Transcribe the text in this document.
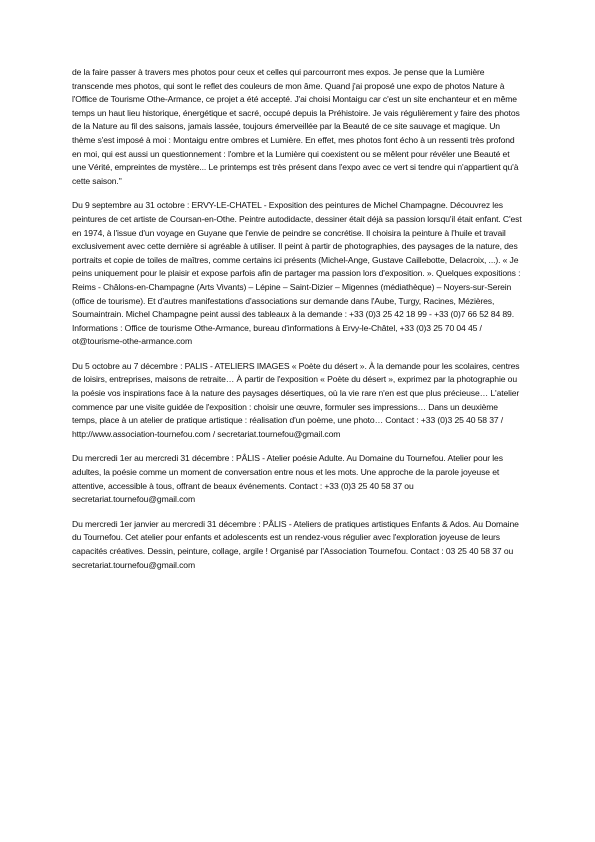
de la faire passer à travers mes photos pour ceux et celles qui parcourront mes expos. Je pense que la Lumière transcende mes photos, qui sont le reflet des couleurs de mon âme. Quand j'ai proposé une expo de photos Nature à l'Office de Tourisme Othe-Armance, ce projet a été accepté. J'ai choisi Montaigu car c'est un site enchanteur et en même temps un haut lieu historique, énergétique et sacré, occupé depuis la Préhistoire. Je vais régulièrement y faire des photos de la Nature au fil des saisons, jamais lassée, toujours émerveillée par la Beauté de ce site sauvage et magique. Un thème s'est imposé à moi : Montaigu entre ombres et Lumière. En effet, mes photos font écho à un ressenti très profond en moi, qui est aussi un questionnement : l'ombre et la Lumière qui coexistent ou se mêlent pour révéler une Beauté et une Vérité, empreintes de mystère... Le printemps est très présent dans l'expo avec ce vert si tendre qui n'appartient qu'à cette saison."

Du 9 septembre au 31 octobre : ERVY-LE-CHATEL - Exposition des peintures de Michel Champagne. Découvrez les peintures de cet artiste de Coursan-en-Othe. Peintre autodidacte, dessiner était déjà sa passion lorsqu'il était enfant. C'est en 1974, à l'issue d'un voyage en Guyane que l'envie de peindre se concrétise. Il choisira la peinture à l'huile et travail exclusivement avec cette dernière si agréable à utiliser. Il peint à partir de photographies, des paysages de la nature, des portraits et copie de toiles de maîtres, comme certains ici présents (Michel-Ange, Gustave Caillebotte, Delacroix, ...). « Je peins uniquement pour le plaisir et expose parfois afin de partager ma passion lors d'exposition. ». Quelques expositions : Reims - Châlons-en-Champagne (Arts Vivants) – Lépine – Saint-Dizier – Migennes (médiathèque) – Noyers-sur-Serein (office de tourisme). Et d'autres manifestations d'associations sur demande dans l'Aube, Turgy, Racines, Mézières, Soumaintrain. Michel Champagne peint aussi des tableaux à la demande : +33 (0)3 25 42 18 99 - +33 (0)7 66 52 84 89. Informations : Office de tourisme Othe-Armance, bureau d'informations à Ervy-le-Châtel, +33 (0)3 25 70 04 45 / ot@tourisme-othe-armance.com

Du 5 octobre au 7 décembre : PALIS - ATELIERS IMAGES « Poète du désert ». À la demande pour les scolaires, centres de loisirs, entreprises, maisons de retraite… À partir de l'exposition « Poète du désert », exprimez par la photographie ou la poésie vos inspirations face à la nature des paysages désertiques, où la vie rare n'en est que plus précieuse… L'atelier commence par une visite guidée de l'exposition : choisir une œuvre, formuler ses impressions… Dans un deuxième temps, place à un atelier de pratique artistique : réalisation d'un poème, une photo… Contact : +33 (0)3 25 40 58 37 / http://www.association-tournefou.com / secretariat.tournefou@gmail.com

Du mercredi 1er au mercredi 31 décembre : PÂLIS - Atelier poésie Adulte. Au Domaine du Tournefou. Atelier pour les adultes, la poésie comme un moment de conversation entre nous et les mots. Une approche de la parole joyeuse et attentive, accessible à tous, offrant de beaux événements. Contact : +33 (0)3 25 40 58 37 ou secretariat.tournefou@gmail.com

Du mercredi 1er janvier au mercredi 31 décembre : PÂLIS - Ateliers de pratiques artistiques Enfants & Ados. Au Domaine du Tournefou. Cet atelier pour enfants et adolescents est un rendez-vous régulier avec l'exploration joyeuse de leurs capacités créatives. Dessin, peinture, collage, argile ! Organisé par l'Association Tournefou. Contact : 03 25 40 58 37 ou secretariat.tournefou@gmail.com
